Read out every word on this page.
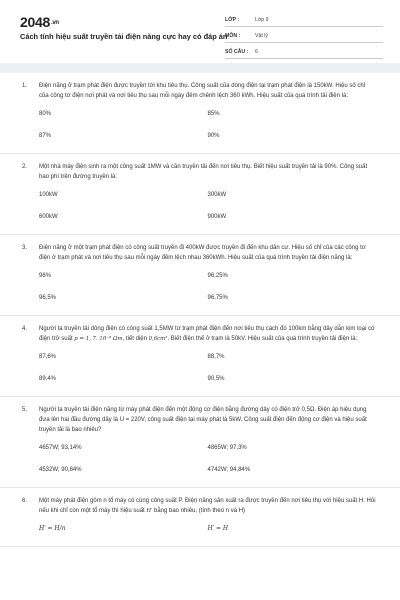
2048.vn
Cách tính hiệu suất truyền tải điện năng cực hay có đáp án
LỚP :	Lớp 9
MÔN :	Vật lý
SỐ CÂU :	6
1.	Điện năng ở trạm phát điện được truyền tới khu tiêu thụ. Công suất của dòng điện tại trạm phát điện là 150kW. Hiệu số chỉ của công tơ điện nơi phát và nơi tiêu thụ sau mỗi ngày đêm chênh lệch 360 kWh. Hiệu suất của quá trình tải điện là:
80%	85%
87%	90%
2.	Một nhà máy điện sinh ra một công suất 1MW và cần truyền tải đến nơi tiêu thụ. Biết hiệu suất truyền tải là 90%. Công suất hao phí trên đường truyền là:
100kW	300kW
600kW	900kW
3.	Điện năng ở một trạm phát điện có công suất truyền đi 400kW được truyền đi đến khu dân cư. Hiệu số chỉ của các công tơ điện ở trạm phát và nơi tiêu thụ sau mỗi ngày đêm lệch nhau 360kWh. Hiệu suất của quá trình truyền tải điện năng là:
96%	96,25%
96,5%	96,75%
4.	Người ta truyền tải dòng điện có công suất 1,5MW từ trạm phát điện đến nơi tiêu thụ cách đó 100km bằng dây dẫn kim loại có điện trở suất p = 1, 7. 10⁻⁸ Ωm, tiết diện 0,6cm². Biết điện thế ở trạm là 50kV. Hiệu suất của quá trình truyền tải điện là:
87,6%	88,7%
89,4%	90,5%
5.	Người ta truyền tải điện năng từ máy phát điện đến một động cơ điện bằng đường dây có điện trở 0,5Ω. Điện áp hiệu dụng đưa lên hai đầu đường dây là U = 220V, công suất điện tại máy phát là 5kW. Công suất điện đến động cơ điện và hiệu suất truyền tải là bao nhiêu?
4657W; 93,14%	4865W; 97,3%
4532W; 90,64%	4742W; 94,84%
6.	Một máy phát điện gồm n tổ máy có cùng công suất P. Điện năng sản xuất ra được truyền đến nơi tiêu thụ với hiệu suất H. Hỏi nếu khi chỉ còn một tổ máy thì hiệu suất H′ bằng bao nhiêu, (tính theo n và H)
H′ = H/n	H′ = H
